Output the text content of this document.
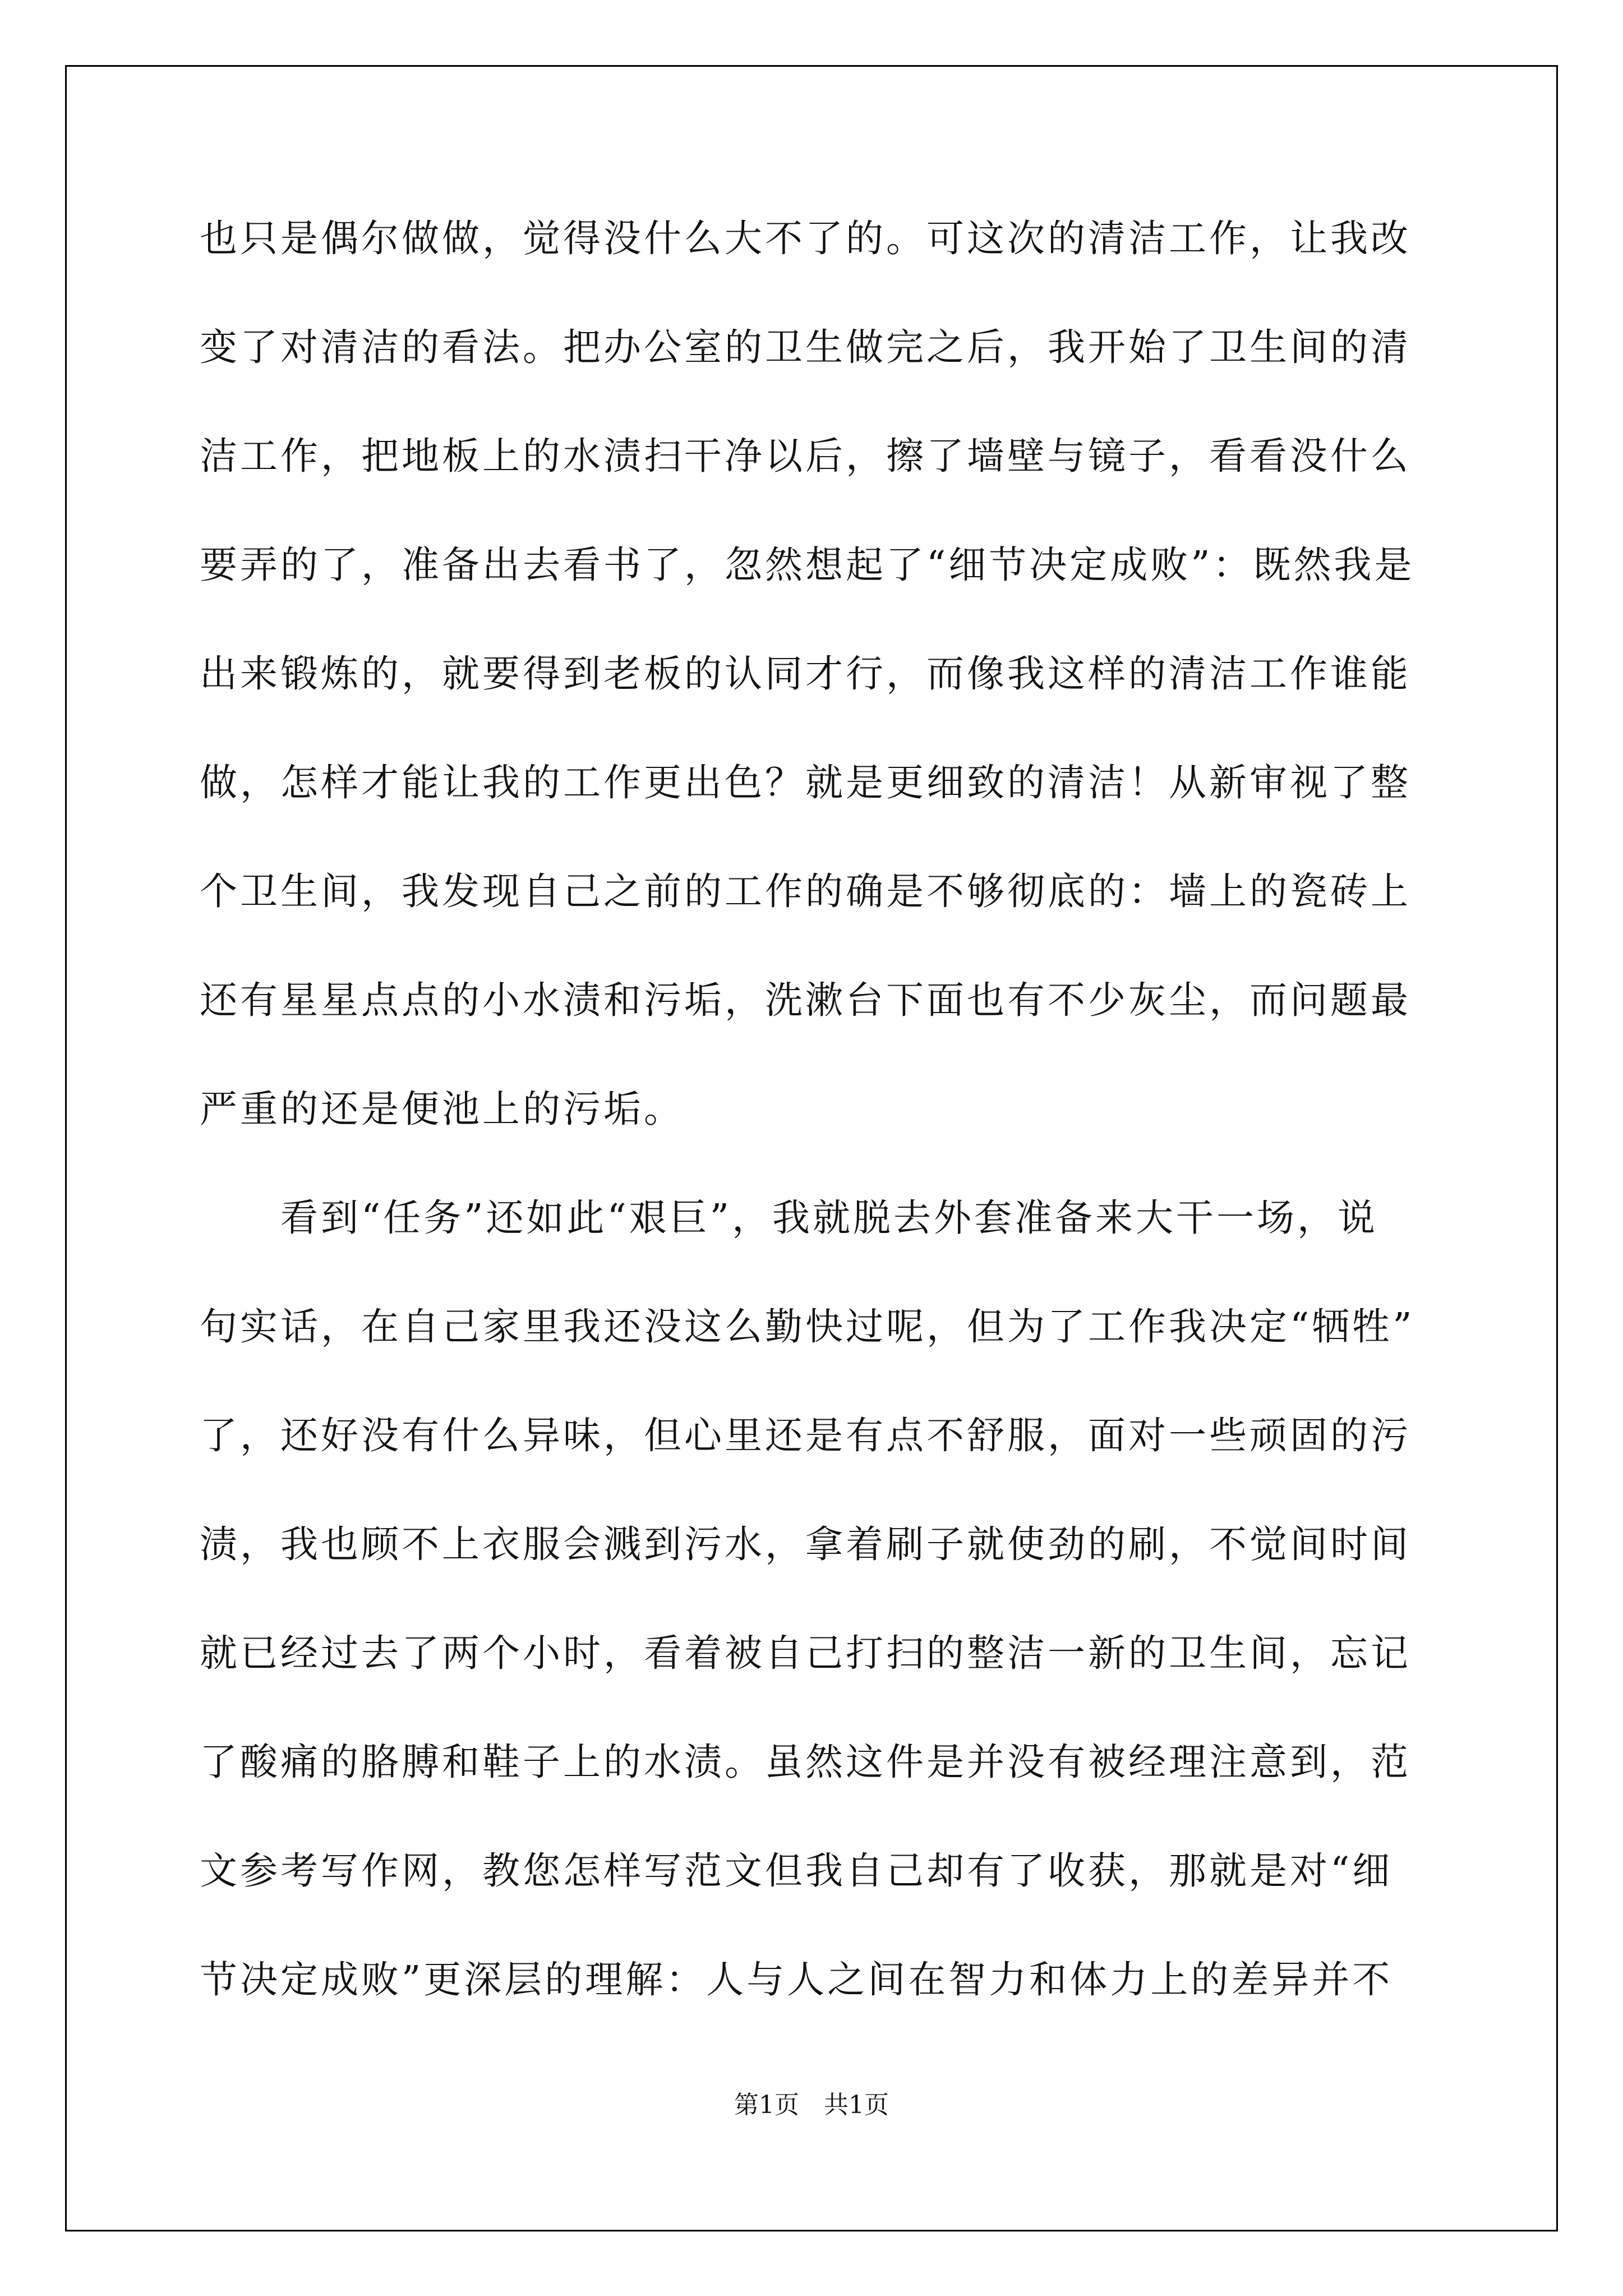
也只是偶尔做做，觉得没什么大不了的。可这次的清洁工作，让我改
变了对清洁的看法。把办公室的卫生做完之后，我开始了卫生间的清
洁工作，把地板上的水渍扫干净以后，擦了墙壁与镜子，看看没什么
要弄的了，准备出去看书了，忽然想起了“细节决定成败”：既然我是
出来锻炼的，就要得到老板的认同才行，而像我这样的清洁工作谁能
做，怎样才能让我的工作更出色？就是更细致的清洁！从新审视了整
个卫生间，我发现自己之前的工作的确是不够彻底的：墙上的瓷砖上
还有星星点点的小水渍和污垢，洗漱台下面也有不少灰尘，而问题最
严重的还是便池上的污垢。
　　看到“任务”还如此“艰巨”，我就脱去外套准备来大干一场，说
句实话，在自己家里我还没这么勤快过呢，但为了工作我决定“牺牲”
了，还好没有什么异味，但心里还是有点不舒服，面对一些顽固的污
渍，我也顾不上衣服会溅到污水，拿着刷子就使劲的刷，不觉间时间
就已经过去了两个小时，看着被自己打扫的整洁一新的卫生间，忘记
了酸痛的胳膊和鞋子上的水渍。虽然这件是并没有被经理注意到，范
文参考写作网，教您怎样写范文但我自己却有了收获，那就是对“细
节决定成败”更深层的理解：人与人之间在智力和体力上的差异并不
第1页 共1页
